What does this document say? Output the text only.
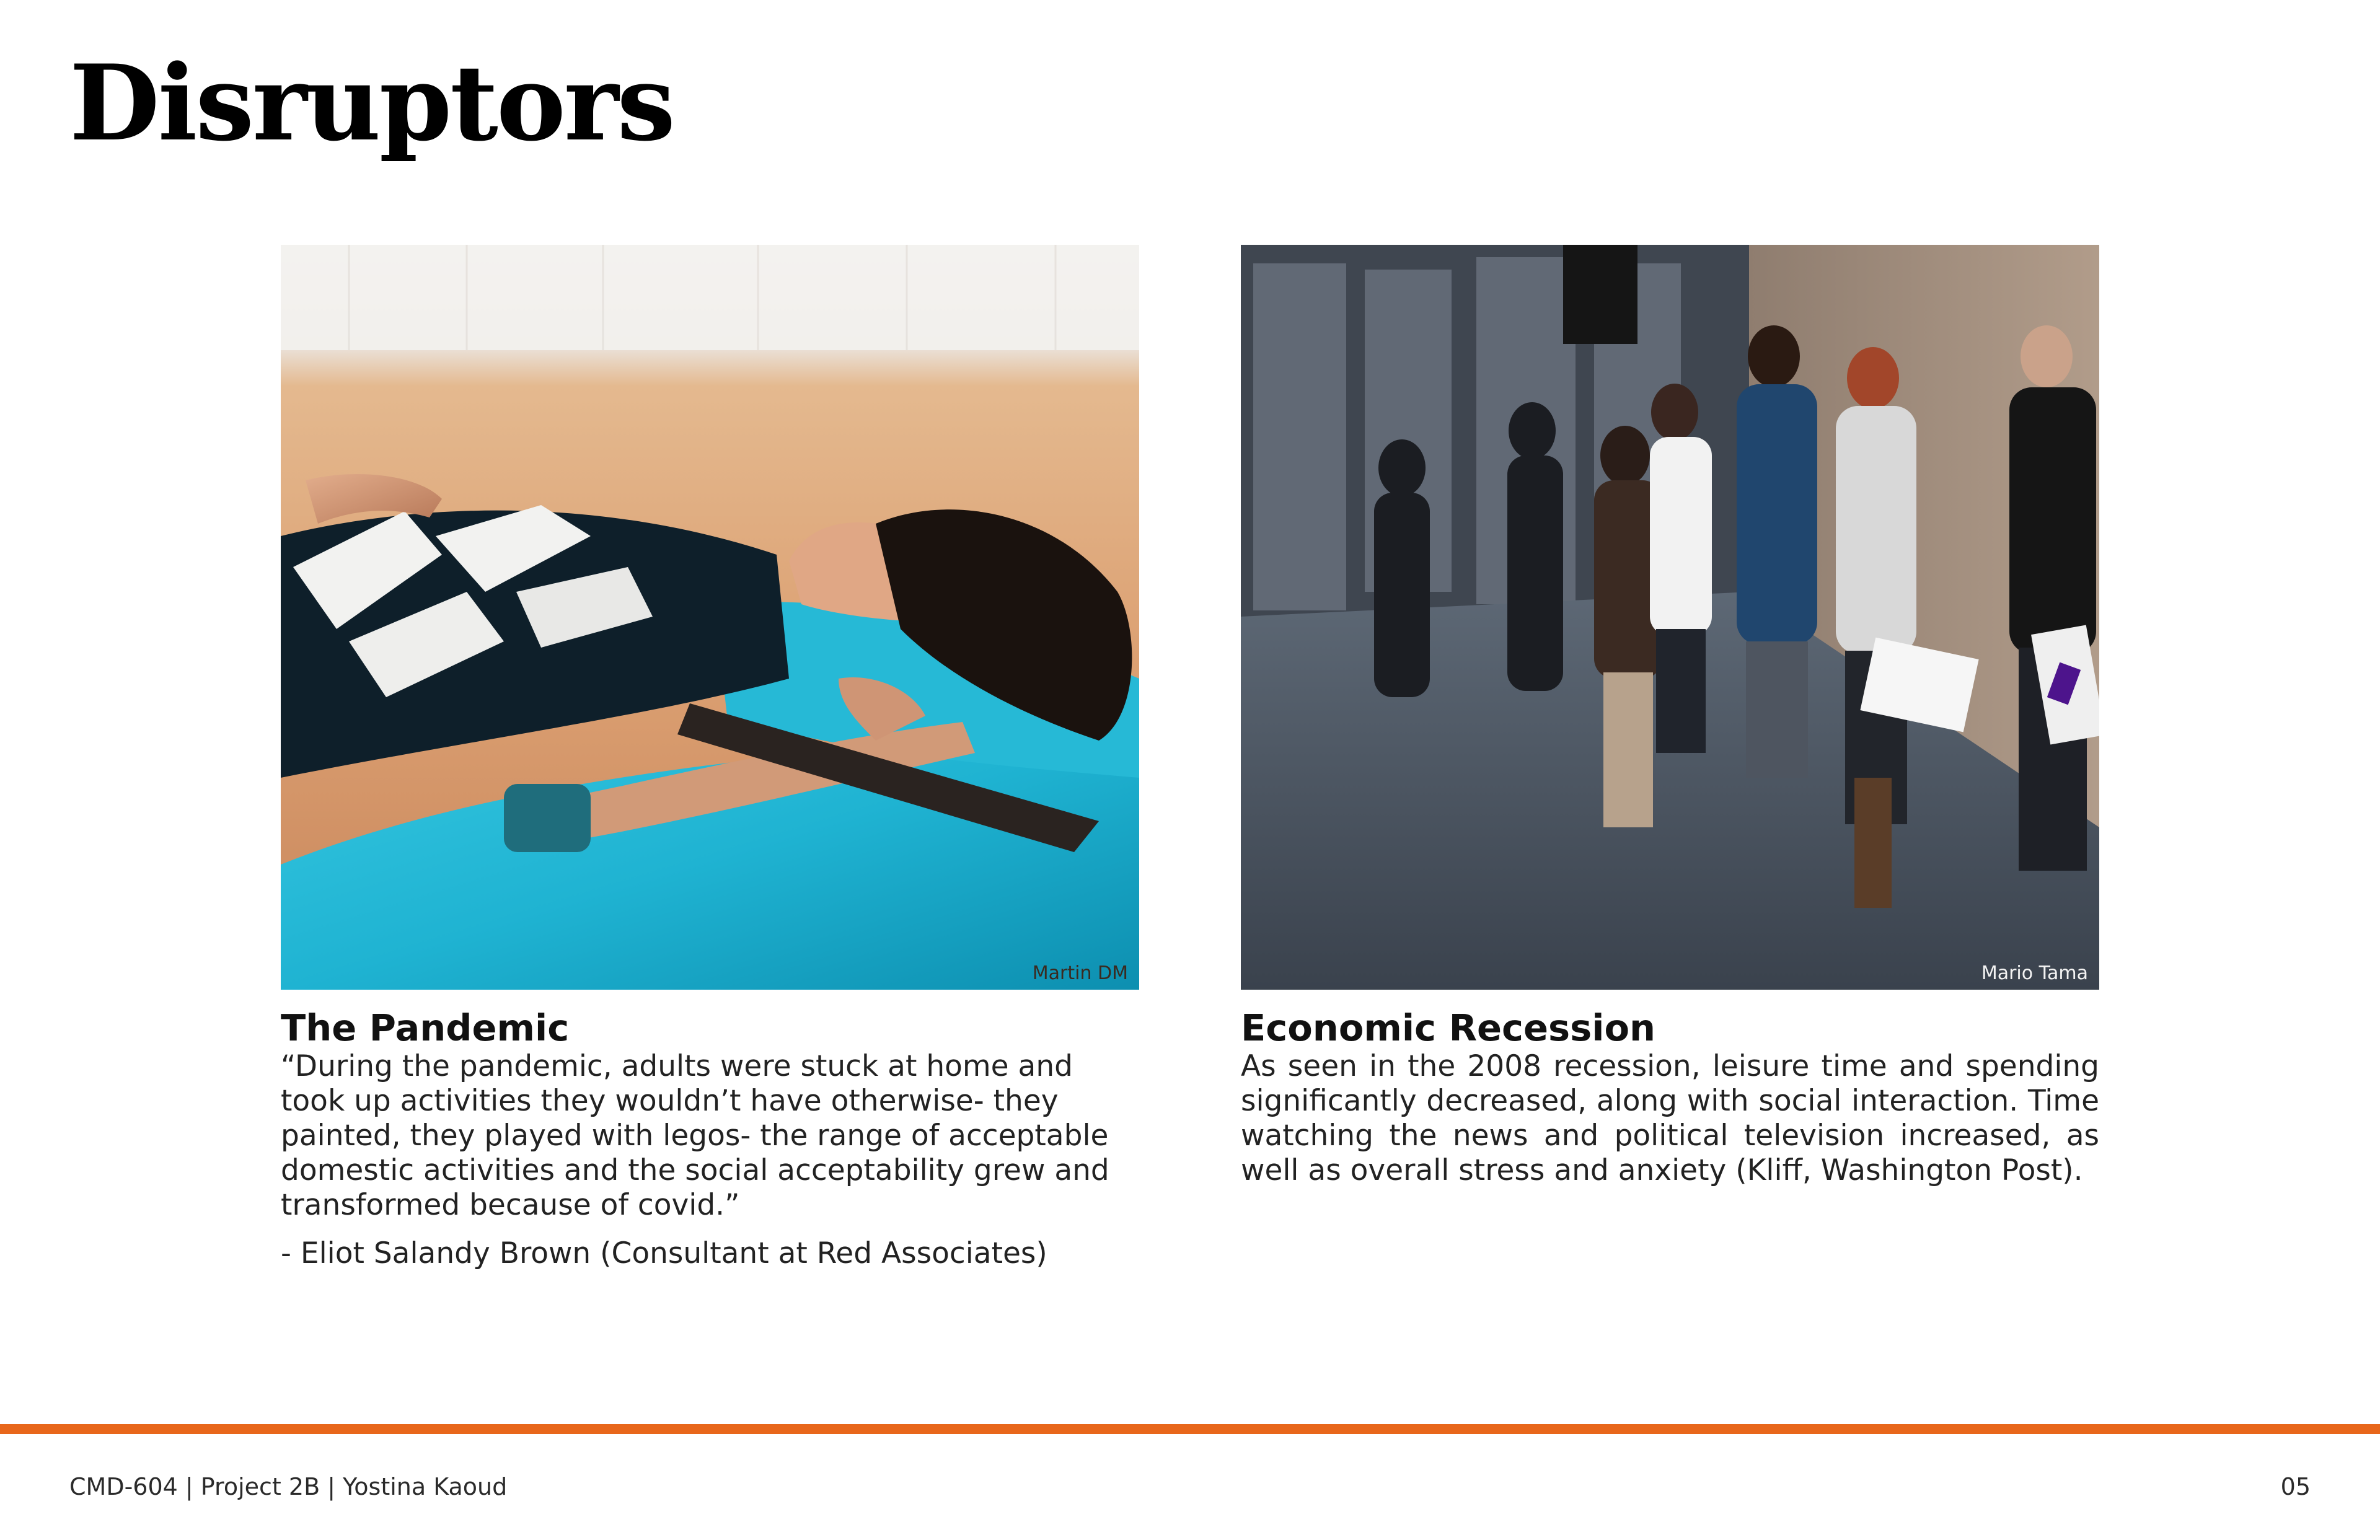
Disruptors
Martin DM
The Pandemic

“During the pandemic, adults were stuck at home and took up activities they wouldn’t have otherwise- they painted, they played with legos- the range of acceptable domestic activities and the social acceptability grew and transformed because of covid.”

- Eliot Salandy Brown (Consultant at Red Associates)

Mario Tama
Economic Recession

As seen in the 2008 recession, leisure time and spending significantly decreased, along with social interaction. Time watching the news and political television increased, as well as overall stress and anxiety (Kliff, Washington Post).

CMD-604 | Project 2B | Yostina Kaoud	05
